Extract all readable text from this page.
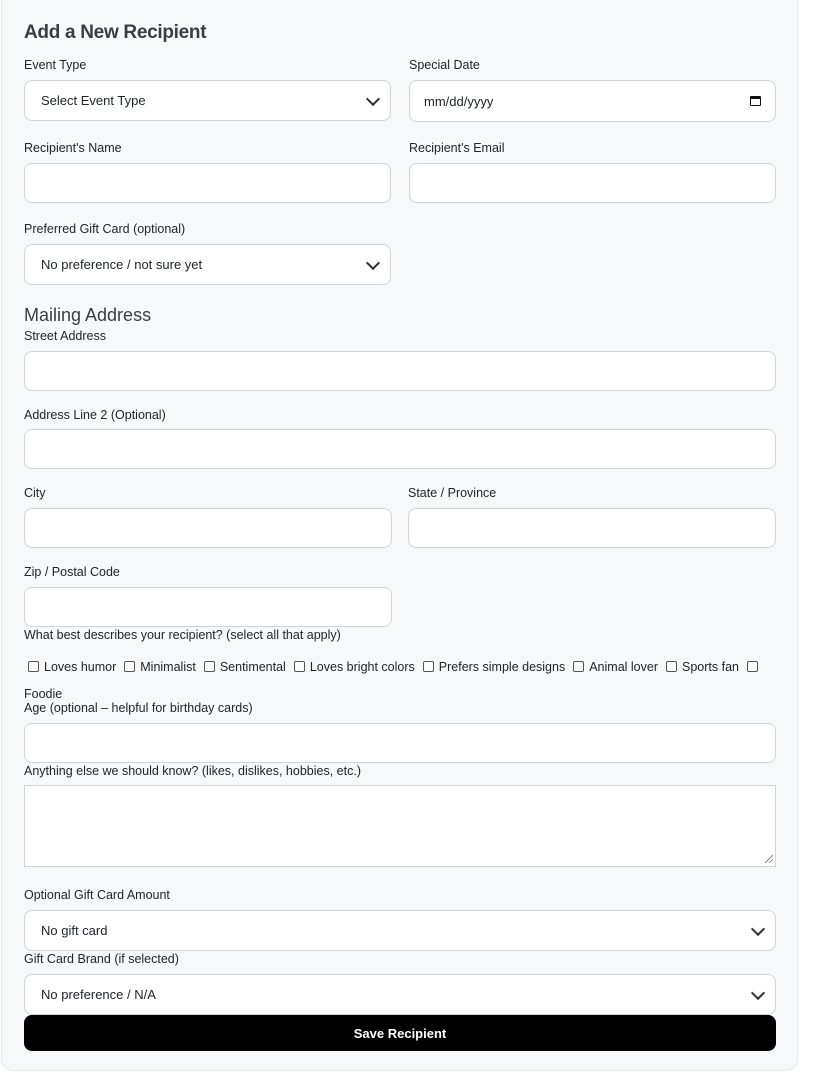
Add a New Recipient
Event Type
Select Event Type
Special Date
mm/dd/yyyy
Recipient's Name	Recipient's Email
Preferred Gift Card (optional)
No preference / not sure yet
Mailing Address
Street Address
Address Line 2 (Optional)
City	State / Province
Zip / Postal Code
What best describes your recipient? (select all that apply)
Loves humor Minimalist Sentimental Loves bright colors Prefers simple designs Animal lover Sports fan
Foodie
Age (optional – helpful for birthday cards)
Anything else we should know? (likes, dislikes, hobbies, etc.)
Optional Gift Card Amount
No gift card
Gift Card Brand (if selected)
No preference / N/A
Save Recipient
